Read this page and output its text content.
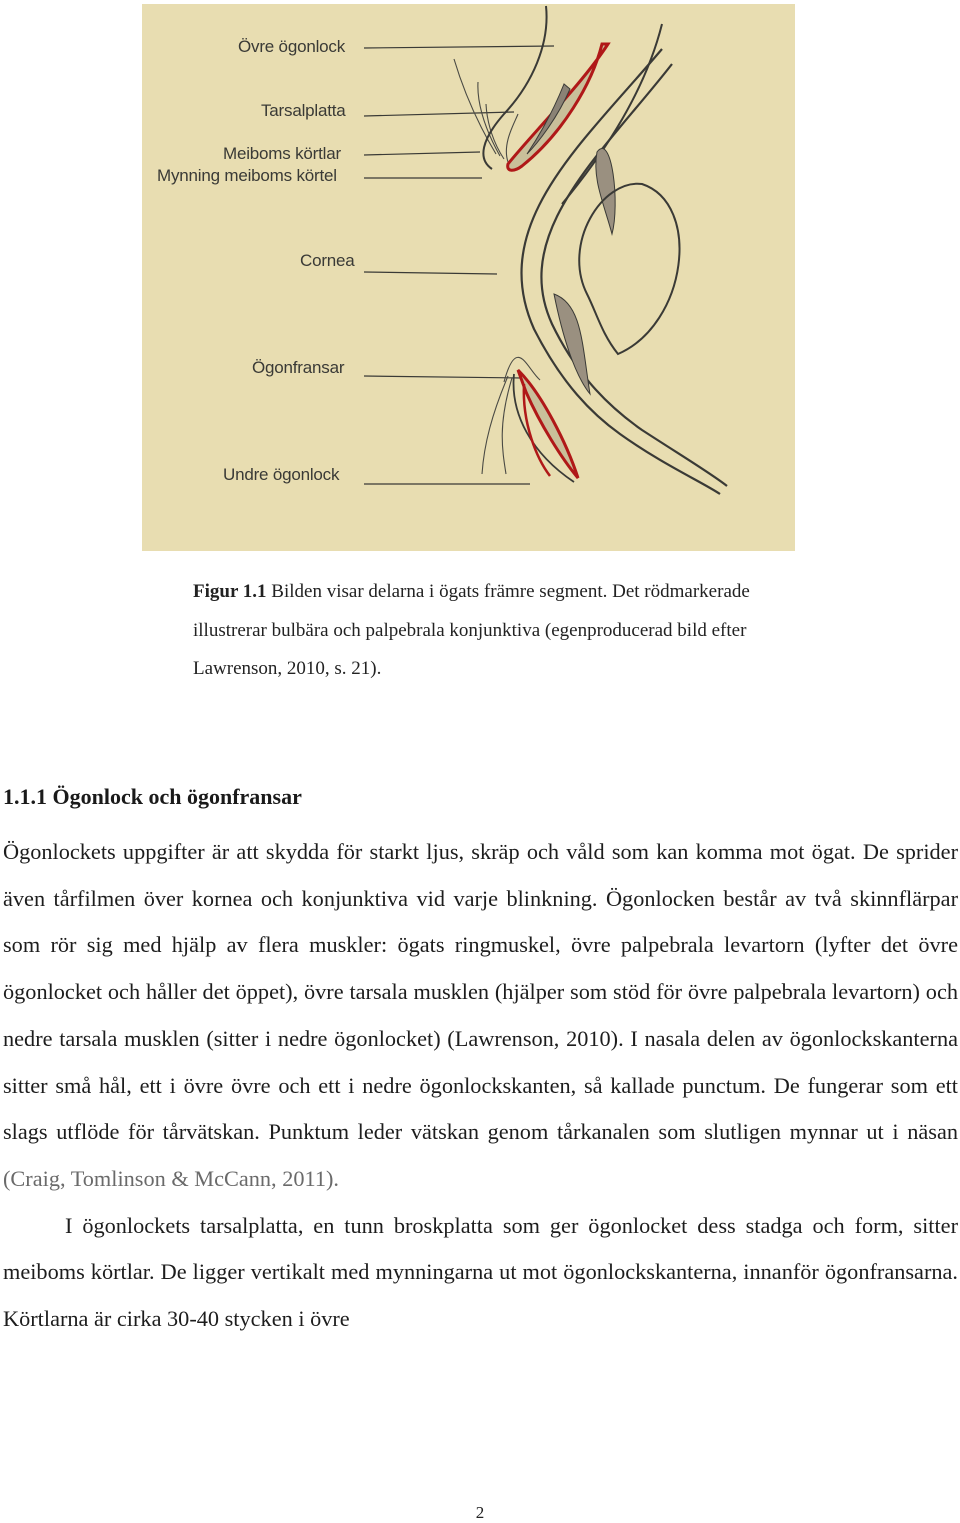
Övre ögonlock
Tarsalplatta
Meiboms körtlar
Mynning meiboms körtel
Cornea
Ögonfransar
Undre ögonlock
Figur 1.1 Bilden visar delarna i ögats främre segment. Det rödmarkerade illustrerar bulbära och palpebrala konjunktiva (egenproducerad bild efter Lawrenson, 2010, s. 21).
1.1.1 Ögonlock och ögonfransar

Ögonlockets uppgifter är att skydda för starkt ljus, skräp och våld som kan komma mot ögat. De sprider även tårfilmen över kornea och konjunktiva vid varje blinkning. Ögonlocken består av två skinnflärpar som rör sig med hjälp av flera muskler: ögats ringmuskel, övre palpebrala levartorn (lyfter det övre ögonlocket och håller det öppet), övre tarsala musklen (hjälper som stöd för övre palpebrala levartorn) och nedre tarsala musklen (sitter i nedre ögonlocket) (Lawrenson, 2010). I nasala delen av ögonlockskanterna sitter små hål, ett i övre övre och ett i nedre ögonlockskanten, så kallade punctum. De fungerar som ett slags utflöde för tårvätskan. Punktum leder vätskan genom tårkanalen som slutligen mynnar ut i näsan (Craig, Tomlinson & McCann, 2011).

I ögonlockets tarsalplatta, en tunn broskplatta som ger ögonlocket dess stadga och form, sitter meiboms körtlar. De ligger vertikalt med mynningarna ut mot ögonlockskanterna, innanför ögonfransarna. Körtlarna är cirka 30-40 stycken i övre

2
